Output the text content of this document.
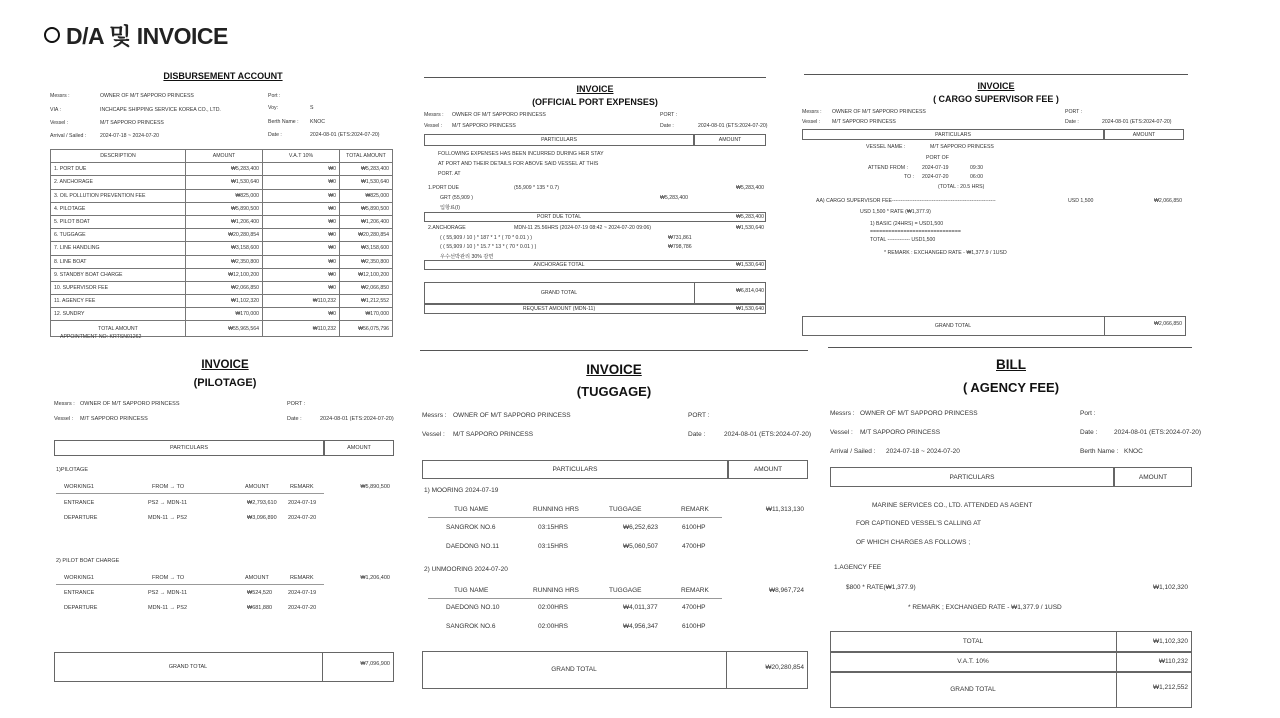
D/A 및 INVOICE
DISBURSEMENT ACCOUNT
Messrs :	OWNER OF M/T SAPPORO PRINCESS
VIA :	INCHCAPE SHIPPING SERVICE KOREA CO., LTD.
Vessel :	M/T SAPPORO PRINCESS
Arrival / Sailed :	2024-07-18 ~ 2024-07-20
Port :
Voy:	S
Berth Name : KNOC
Date :	2024-08-01 (ETS:2024-07-20)
DESCRIPTION	AMOUNT	V.A.T 10%	TOTAL AMOUNT
1. PORT DUE	₩5,283,400	₩0	₩5,283,400
2. ANCHORAGE	₩1,530,640	₩0	₩1,530,640
3. OIL POLLUTION PREVENTION FEE	₩825,000	₩0	₩825,000
4. PILOTAGE	₩5,890,500	₩0	₩5,890,500
5. PILOT BOAT	₩1,206,400	₩0	₩1,206,400
6. TUGGAGE	₩20,280,854	₩0	₩20,280,854
7. LINE HANDLING	₩3,158,600	₩0	₩3,158,600
8. LINE BOAT	₩2,350,800	₩0	₩2,350,800
9. STANDBY BOAT CHARGE	₩12,100,200	₩0	₩12,100,200
10. SUPERVISOR FEE	₩2,066,850	₩0	₩2,066,850
11. AGENCY FEE	₩1,102,320	₩110,232	₩1,212,552
12. SUNDRY	₩170,000	₩0	₩170,000
TOTAL AMOUNT	₩55,965,564	₩110,232	₩56,075,796
APPOINTMENT NO: KRTSN01262
INVOICE
(OFFICIAL PORT EXPENSES)
Messrs : OWNER OF M/T SAPPORO PRINCESS
Vessel : M/T SAPPORO PRINCESS
PORT :
Date :	2024-08-01 (ETS:2024-07-20)
PARTICULARS	AMOUNT
FOLLOWING EXPENSES HAS BEEN INCURRED DURING HER STAY
AT PORT AND THEIR DETAILS FOR ABOVE SAID VESSEL AT THIS
PORT. AT
1.PORT DUE	(55,909 * 135 * 0.7)	₩5,283,400
GRT (55,909 )	₩5,283,400
입항료(I)
PORT DUE TOTAL	₩5,283,400
2.ANCHORAGE	MDN-11 25.56HRS (2024-07-19 08:42 ~ 2024-07-20 09:06)	₩1,530,640
( ( 55,909 / 10 ) * 187 * 1 * ( 70 * 0.01 ) )	₩731,861
( ( 55,909 / 10 ) * 15.7 * 13 * ( 70 * 0.01 ) )	₩798,786
우수선박관리 30% 감면
ANCHORAGE TOTAL	₩1,530,640
GRAND TOTAL	₩6,814,040
REQUEST AMOUNT (MDN-11)	₩1,530,640
INVOICE
( CARGO SUPERVISOR FEE )
Messrs : OWNER OF M/T SAPPORO PRINCESS
Vessel : M/T SAPPORO PRINCESS
PORT :
Date :	2024-08-01 (ETS:2024-07-20)
PARTICULARS	AMOUNT
VESSEL NAME :	M/T SAPPORO PRINCESS
PORT OF
ATTEND FROM :	2024-07-19	09:30
TO : 2024-07-20	06:00
(TOTAL : 20.5 HRS)
AA) CARGO SUPERVISOR FEE------------------------------------------------------------	USD 1,500	₩2,066,850
USD 1,500 * RATE (₩1,377.9)
1) BASIC (24HRS) = USD1,500
==============================
TOTAL ------------- USD1,500
* REMARK : EXCHANGED RATE - ₩1,377.9 / 1USD
GRAND TOTAL	₩2,066,850
INVOICE
(PILOTAGE)
Messrs : OWNER OF M/T SAPPORO PRINCESS
Vessel : M/T SAPPORO PRINCESS
PORT :
Date :	2024-08-01 (ETS:2024-07-20)
PARTICULARS	AMOUNT
1)PILOTAGE
WORKING1	FROM → TO	AMOUNT	REMARK	₩5,890,500
ENTRANCE	PS2 → MDN-11	₩2,793,610 2024-07-19
DEPARTURE	MDN-11 → PS2	₩3,096,890 2024-07-20
2) PILOT BOAT CHARGE
WORKING1	FROM → TO	AMOUNT	REMARK	₩1,206,400
ENTRANCE	PS2 → MDN-11	₩524,520	2024-07-19
DEPARTURE	MDN-11 → PS2	₩681,880	2024-07-20
GRAND TOTAL	₩7,096,900
INVOICE
(TUGGAGE)
Messrs : OWNER OF M/T SAPPORO PRINCESS
Vessel : M/T SAPPORO PRINCESS
PORT :
Date :	2024-08-01 (ETS:2024-07-20)
PARTICULARS	AMOUNT
1) MOORING 2024-07-19
TUG NAME	RUNNING HRS	TUGGAGE	REMARK	₩11,313,130
SANGROK NO.6	03:15HRS	₩6,252,623	6100HP
DAEDONG NO.11	03:15HRS	₩5,060,507	4700HP
2) UNMOORING 2024-07-20
TUG NAME	RUNNING HRS	TUGGAGE	REMARK	₩8,967,724
DAEDONG NO.10	02:00HRS	₩4,011,377	4700HP
SANGROK NO.6	02:00HRS	₩4,956,347	6100HP
GRAND TOTAL	₩20,280,854
BILL
( AGENCY FEE)
Messrs : OWNER OF M/T SAPPORO PRINCESS
Vessel : M/T SAPPORO PRINCESS
Arrival / Sailed : 2024-07-18 ~ 2024-07-20
Port :
Date :	2024-08-01 (ETS:2024-07-20)
Berth Name : KNOC
PARTICULARS	AMOUNT
MARINE SERVICES CO., LTD. ATTENDED AS AGENT
FOR CAPTIONED VESSEL'S CALLING AT
OF WHICH CHARGES AS FOLLOWS ;
1.AGENCY FEE
$800 * RATE(₩1,377.9)	₩1,102,320
* REMARK ; EXCHANGED RATE - ₩1,377.9 / 1USD
TOTAL	₩1,102,320
V.A.T. 10%	₩110,232
GRAND TOTAL	₩1,212,552
